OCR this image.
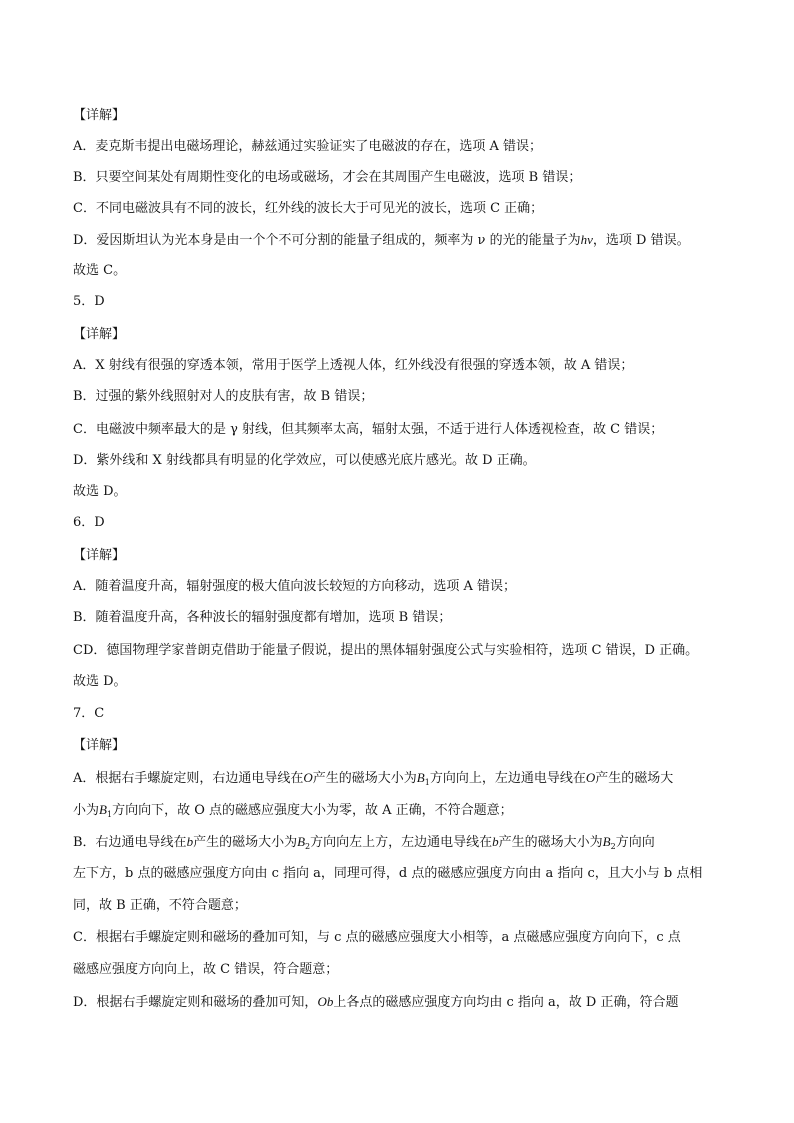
【详解】
A．麦克斯韦提出电磁场理论，赫兹通过实验证实了电磁波的存在，选项 A 错误；
B．只要空间某处有周期性变化的电场或磁场，才会在其周围产生电磁波，选项 B 错误；
C．不同电磁波具有不同的波长，红外线的波长大于可见光的波长，选项 C 正确；
D．爱因斯坦认为光本身是由一个个不可分割的能量子组成的，频率为 ν 的光的能量子为hν，选项 D 错误。
故选 C。
5．D
【详解】
A．X 射线有很强的穿透本领，常用于医学上透视人体，红外线没有很强的穿透本领，故 A 错误；
B．过强的紫外线照射对人的皮肤有害，故 B 错误；
C．电磁波中频率最大的是 γ 射线，但其频率太高，辐射太强，不适于进行人体透视检查，故 C 错误；
D．紫外线和 X 射线都具有明显的化学效应，可以使感光底片感光。故 D 正确。
故选 D。
6．D
【详解】
A．随着温度升高，辐射强度的极大值向波长较短的方向移动，选项 A 错误；
B．随着温度升高，各种波长的辐射强度都有增加，选项 B 错误；
CD．德国物理学家普朗克借助于能量子假说，提出的黑体辐射强度公式与实验相符，选项 C 错误，D 正确。
故选 D。
7．C
【详解】
A．根据右手螺旋定则，右边通电导线在O产生的磁场大小为$B_1$方向向上，左边通电导线在O产生的磁场大
小为$B_1$方向向下，故 O 点的磁感应强度大小为零，故 A 正确，不符合题意；
B．右边通电导线在b产生的磁场大小为$B_2$方向向左上方，左边通电导线在b产生的磁场大小为$B_2$方向向
左下方，b 点的磁感应强度方向由 c 指向 a，同理可得，d 点的磁感应强度方向由 a 指向 c，且大小与 b 点相
同，故 B 正确，不符合题意；
C．根据右手螺旋定则和磁场的叠加可知，与 c 点的磁感应强度大小相等，a 点磁感应强度方向向下，c 点
磁感应强度方向向上，故 C 错误，符合题意；
D．根据右手螺旋定则和磁场的叠加可知，Ob上各点的磁感应强度方向均由 c 指向 a，故 D 正确，符合题
